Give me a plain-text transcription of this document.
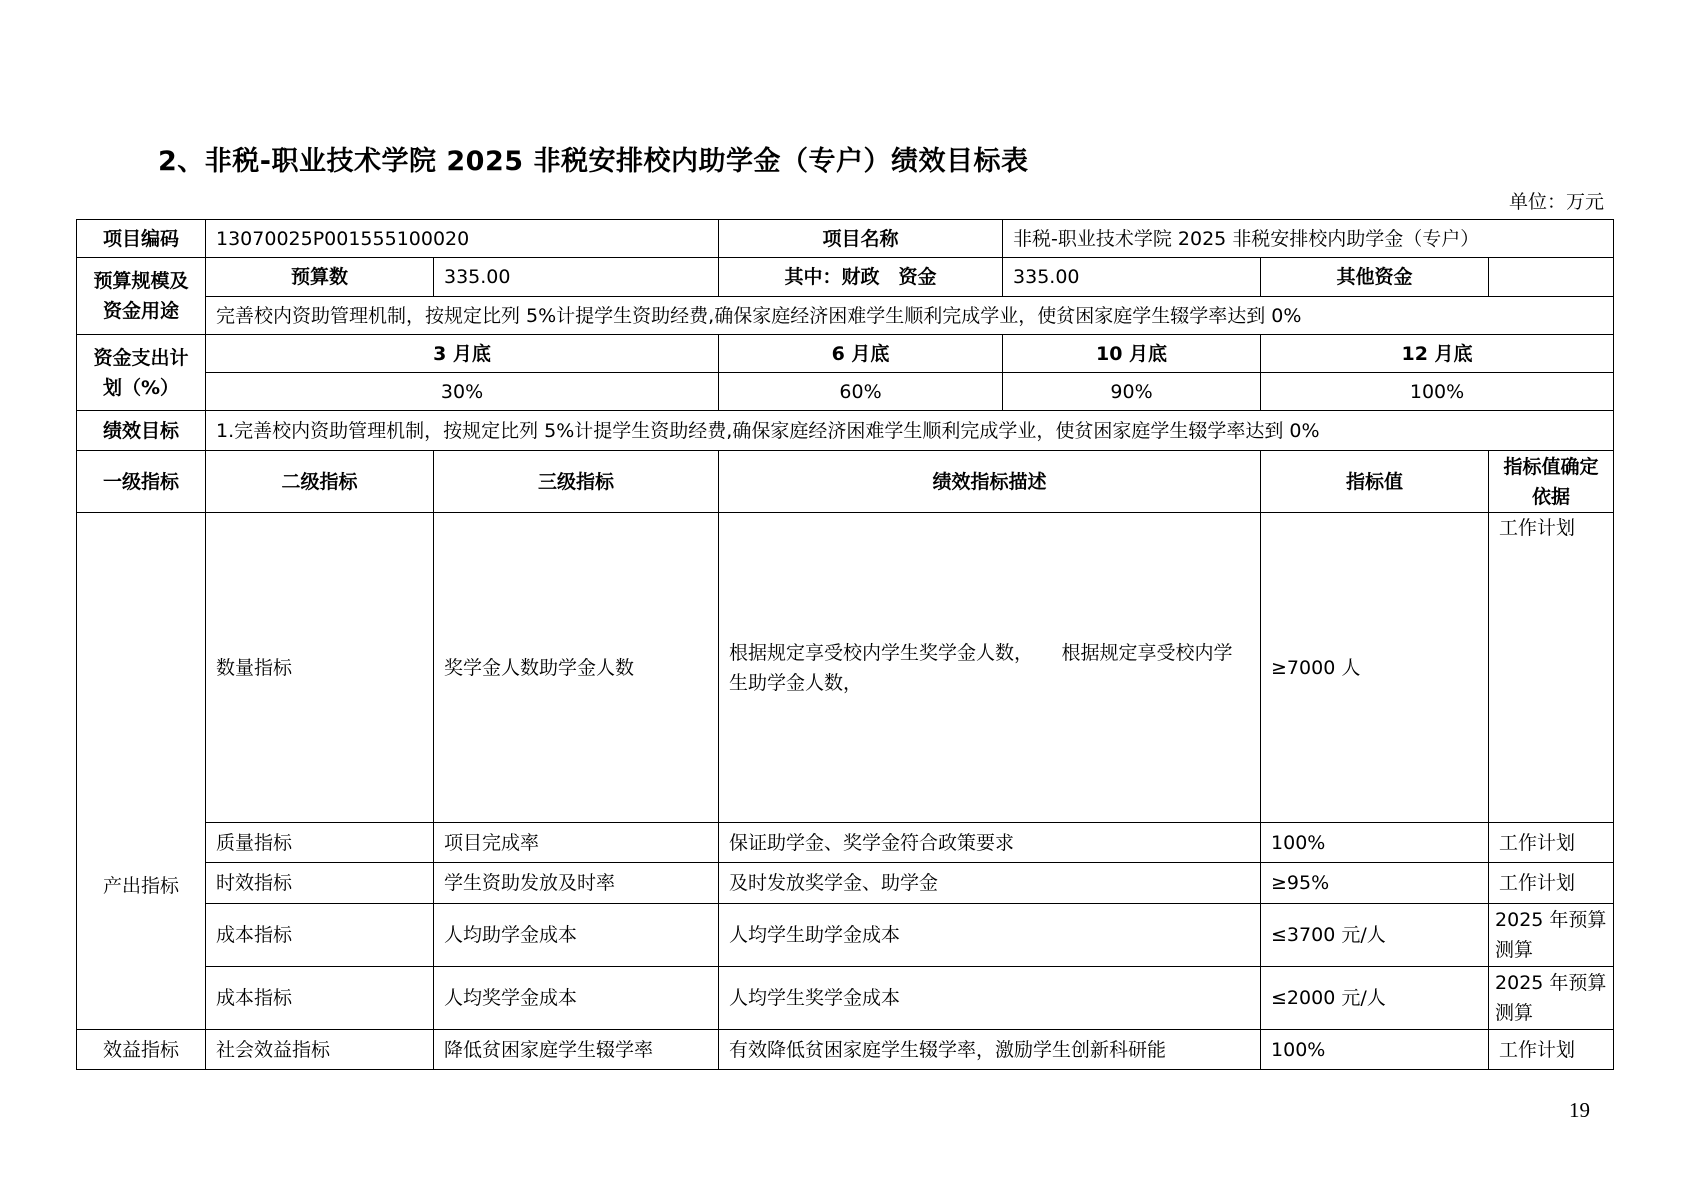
2、非税-职业技术学院 2025 非税安排校内助学金（专户）绩效目标表
单位：万元
项目编码	13070025P001555100020		项目名称	非税-职业技术学院 2025 非税安排校内助学金（专户）		
预算规模及资金用途	预算数	335.00	其中：财政　资金	335.00	其他资金	
	完善校内资助管理机制，按规定比列 5%计提学生资助经费,确保家庭经济困难学生顺利完成学业，使贫困家庭学生辍学率达到 0%					
资金支出计划（%）	3 月底		6 月底	10 月底	12 月底	
	30%		60%	90%	100%	
绩效目标	1.完善校内资助管理机制，按规定比列 5%计提学生资助经费,确保家庭经济困难学生顺利完成学业，使贫困家庭学生辍学率达到 0%					
一级指标	二级指标	三级指标	绩效指标描述		指标值	指标值确定依据
产出指标	数量指标	奖学金人数助学金人数	根据规定享受校内学生奖学金人数，　　根据规定享受校内学生助学金人数，		≥7000 人	工作计划
	质量指标	项目完成率	保证助学金、奖学金符合政策要求		100%	工作计划
	时效指标	学生资助发放及时率	及时发放奖学金、助学金		≥95%	工作计划
	成本指标	人均助学金成本	人均学生助学金成本		≤3700 元/人	2025 年预算测算
	成本指标	人均奖学金成本	人均学生奖学金成本		≤2000 元/人	2025 年预算测算
效益指标	社会效益指标	降低贫困家庭学生辍学率	有效降低贫困家庭学生辍学率，激励学生创新科研能		100%	工作计划
19
